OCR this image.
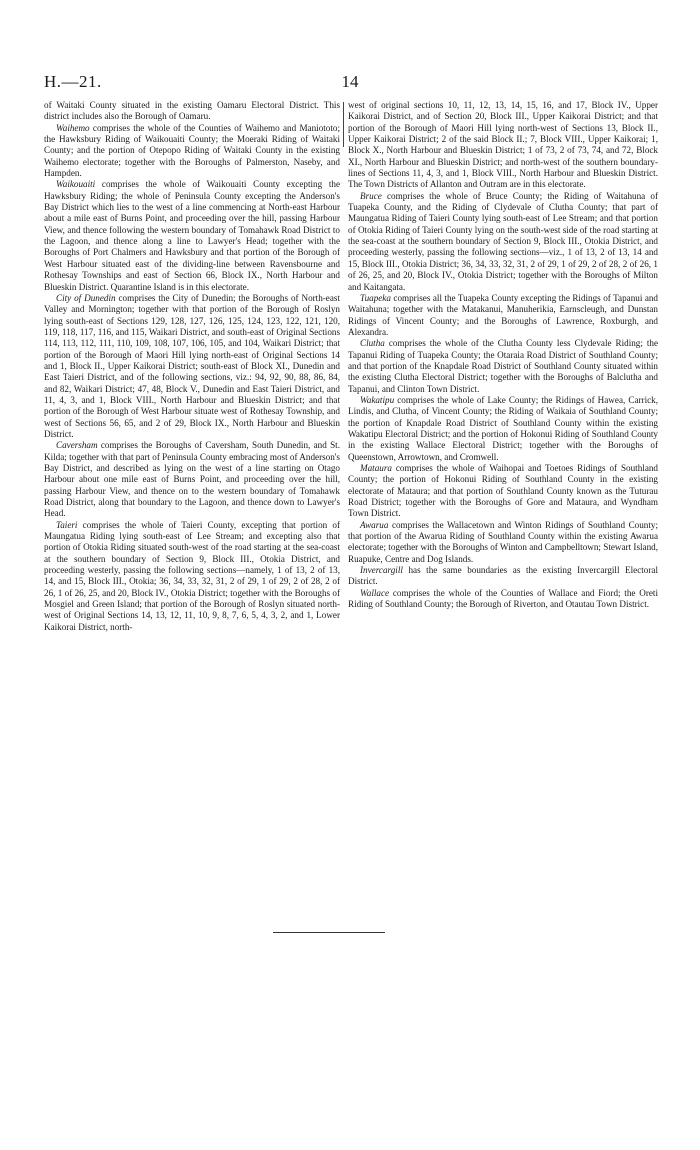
H.—21.	14

of Waitaki County situated in the existing Oamaru Electoral District. This district includes also the Borough of Oamaru.

Waihemo comprises the whole of the Counties of Waihemo and Maniototo; the Hawksbury Riding of Waikouaiti County; the Moeraki Riding of Waitaki County; and the portion of Otepopo Riding of Waitaki County in the existing Waihemo electorate; together with the Boroughs of Palmerston, Naseby, and Hampden.

Waikouaiti comprises the whole of Waikouaiti County excepting the Hawksbury Riding; the whole of Peninsula County excepting the Anderson's Bay District which lies to the west of a line commencing at North-east Harbour about a mile east of Burns Point, and proceeding over the hill, passing Harbour View, and thence following the western boundary of Tomahawk Road District to the Lagoon, and thence along a line to Lawyer's Head; together with the Boroughs of Port Chalmers and Hawksbury and that portion of the Borough of West Harbour situated east of the dividing-line between Ravensbourne and Rothesay Townships and east of Section 66, Block IX., North Harbour and Blueskin District. Quarantine Island is in this electorate.

City of Dunedin comprises the City of Dunedin; the Boroughs of North-east Valley and Mornington; together with that portion of the Borough of Roslyn lying south-east of Sections 129, 128, 127, 126, 125, 124, 123, 122, 121, 120, 119, 118, 117, 116, and 115, Waikari District, and south-east of Original Sections 114, 113, 112, 111, 110, 109, 108, 107, 106, 105, and 104, Waikari District; that portion of the Borough of Maori Hill lying north-east of Original Sections 14 and 1, Block II., Upper Kaikorai District; south-east of Block XI., Dunedin and East Taieri District, and of the following sections, viz.: 94, 92, 90, 88, 86, 84, and 82, Waikari District; 47, 48, Block V., Dunedin and East Taieri District, and 11, 4, 3, and 1, Block VIII., North Harbour and Blueskin District; and that portion of the Borough of West Harbour situate west of Rothesay Township, and west of Sections 56, 65, and 2 of 29, Block IX., North Harbour and Blueskin District.

Caversham comprises the Boroughs of Caversham, South Dunedin, and St. Kilda; together with that part of Peninsula County embracing most of Anderson's Bay District, and described as lying on the west of a line starting on Otago Harbour about one mile east of Burns Point, and proceeding over the hill, passing Harbour View, and thence on to the western boundary of Tomahawk Road District, along that boundary to the Lagoon, and thence down to Lawyer's Head.

Taieri comprises the whole of Taieri County, excepting that portion of Maungatua Riding lying south-east of Lee Stream; and excepting also that portion of Otokia Riding situated south-west of the road starting at the sea-coast at the southern boundary of Section 9, Block III., Otokia District, and proceeding westerly, passing the following sections—namely, 1 of 13, 2 of 13, 14, and 15, Block III., Otokia; 36, 34, 33, 32, 31, 2 of 29, 1 of 29, 2 of 28, 2 of 26, 1 of 26, 25, and 20, Block IV., Otokia District; together with the Boroughs of Mosgiel and Green Island; that portion of the Borough of Roslyn situated north-west of Original Sections 14, 13, 12, 11, 10, 9, 8, 7, 6, 5, 4, 3, 2, and 1, Lower Kaikorai District, north-

west of original sections 10, 11, 12, 13, 14, 15, 16, and 17, Block IV., Upper Kaikorai District, and of Section 20, Block III., Upper Kaikorai District; and that portion of the Borough of Maori Hill lying north-west of Sections 13, Block II., Upper Kaikorai District; 2 of the said Block II.; 7, Block VIII., Upper Kaikorai; 1, Block X., North Harbour and Blueskin District; 1 of 73, 2 of 73, 74, and 72, Block XI., North Harbour and Blueskin District; and north-west of the southern boundary-lines of Sections 11, 4, 3, and 1, Block VIII., North Harbour and Blueskin District. The Town Districts of Allanton and Outram are in this electorate.

Bruce comprises the whole of Bruce County; the Riding of Waitahuna of Tuapeka County, and the Riding of Clydevale of Clutha County; that part of Maungatua Riding of Taieri County lying south-east of Lee Stream; and that portion of Otokia Riding of Taieri County lying on the south-west side of the road starting at the sea-coast at the southern boundary of Section 9, Block III., Otokia District, and proceeding westerly, passing the following sections—viz., 1 of 13, 2 of 13, 14 and 15, Block III., Otokia District; 36, 34, 33, 32, 31, 2 of 29, 1 of 29, 2 of 28, 2 of 26, 1 of 26, 25, and 20, Block IV., Otokia District; together with the Boroughs of Milton and Kaitangata.

Tuapeka comprises all the Tuapeka County excepting the Ridings of Tapanui and Waitahuna; together with the Matakanui, Manuherikia, Earnscleugh, and Dunstan Ridings of Vincent County; and the Boroughs of Lawrence, Roxburgh, and Alexandra.

Clutha comprises the whole of the Clutha County less Clydevale Riding; the Tapanui Riding of Tuapeka County; the Otaraia Road District of Southland County; and that portion of the Knapdale Road District of Southland County situated within the existing Clutha Electoral District; together with the Boroughs of Balclutha and Tapanui, and Clinton Town District.

Wakatipu comprises the whole of Lake County; the Ridings of Hawea, Carrick, Lindis, and Clutha, of Vincent County; the Riding of Waikaia of Southland County; the portion of Knapdale Road District of Southland County within the existing Wakatipu Electoral District; and the portion of Hokonui Riding of Southland County in the existing Wallace Electoral District; together with the Boroughs of Queenstown, Arrowtown, and Cromwell.

Mataura comprises the whole of Waihopai and Toetoes Ridings of Southland County; the portion of Hokonui Riding of Southland County in the existing electorate of Mataura; and that portion of Southland County known as the Tuturau Road District; together with the Boroughs of Gore and Mataura, and Wyndham Town District.

Awarua comprises the Wallacetown and Winton Ridings of Southland County; that portion of the Awarua Riding of Southland County within the existing Awarua electorate; together with the Boroughs of Winton and Campbelltown; Stewart Island, Ruapuke, Centre and Dog Islands.

Invercargill has the same boundaries as the existing Invercargill Electoral District.

Wallace comprises the whole of the Counties of Wallace and Fiord; the Oreti Riding of Southland County; the Borough of Riverton, and Otautau Town District.
